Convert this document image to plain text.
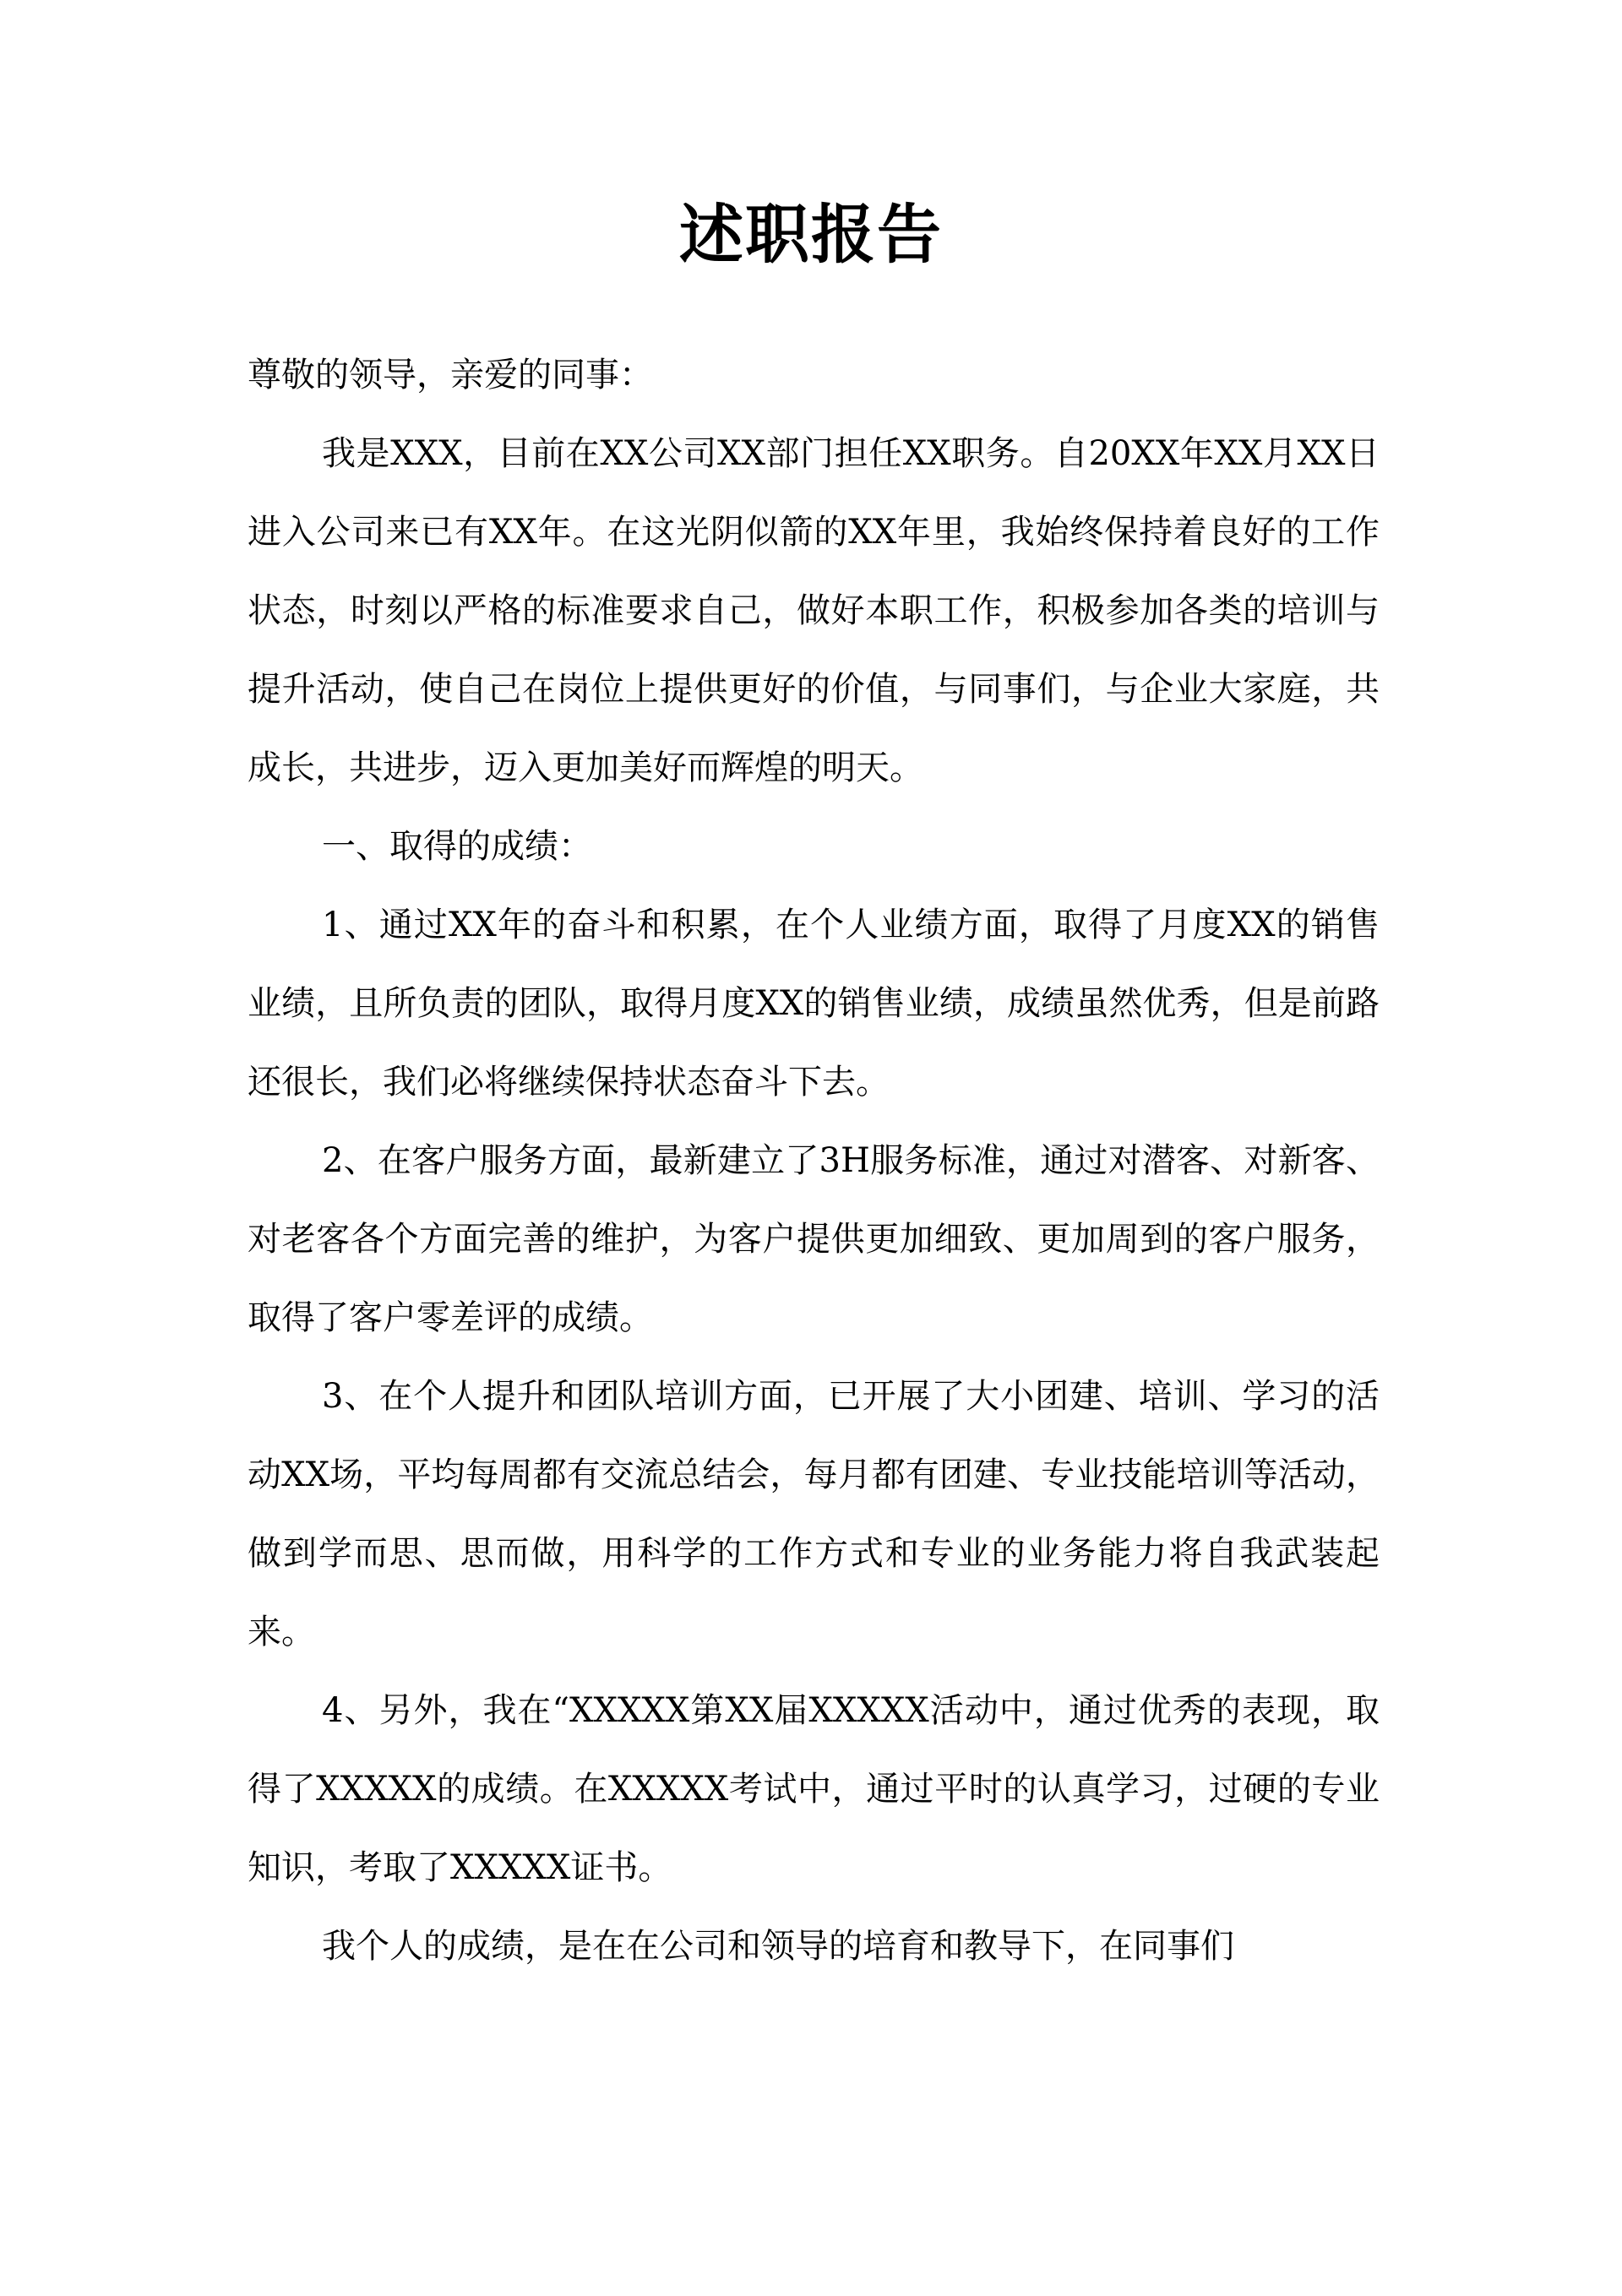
述职报告

尊敬的领导，亲爱的同事：

我是XXX，目前在XX公司XX部门担任XX职务。自20XX年XX月XX日进入公司来已有XX年。在这光阴似箭的XX年里，我始终保持着良好的工作状态，时刻以严格的标准要求自己，做好本职工作，积极参加各类的培训与提升活动，使自己在岗位上提供更好的价值，与同事们，与企业大家庭，共成长，共进步，迈入更加美好而辉煌的明天。

一、取得的成绩：

1、通过XX年的奋斗和积累，在个人业绩方面，取得了月度XX的销售业绩，且所负责的团队，取得月度XX的销售业绩，成绩虽然优秀，但是前路还很长，我们必将继续保持状态奋斗下去。

2、在客户服务方面，最新建立了3H服务标准，通过对潜客、对新客、对老客各个方面完善的维护，为客户提供更加细致、更加周到的客户服务，取得了客户零差评的成绩。

3、在个人提升和团队培训方面，已开展了大小团建、培训、学习的活动XX场，平均每周都有交流总结会，每月都有团建、专业技能培训等活动，做到学而思、思而做，用科学的工作方式和专业的业务能力将自我武装起来。

4、另外，我在“XXXXX第XX届XXXXX活动中，通过优秀的表现，取得了XXXXX的成绩。在XXXXX考试中，通过平时的认真学习，过硬的专业知识，考取了XXXXX证书。

我个人的成绩，是在在公司和领导的培育和教导下，在同事们
